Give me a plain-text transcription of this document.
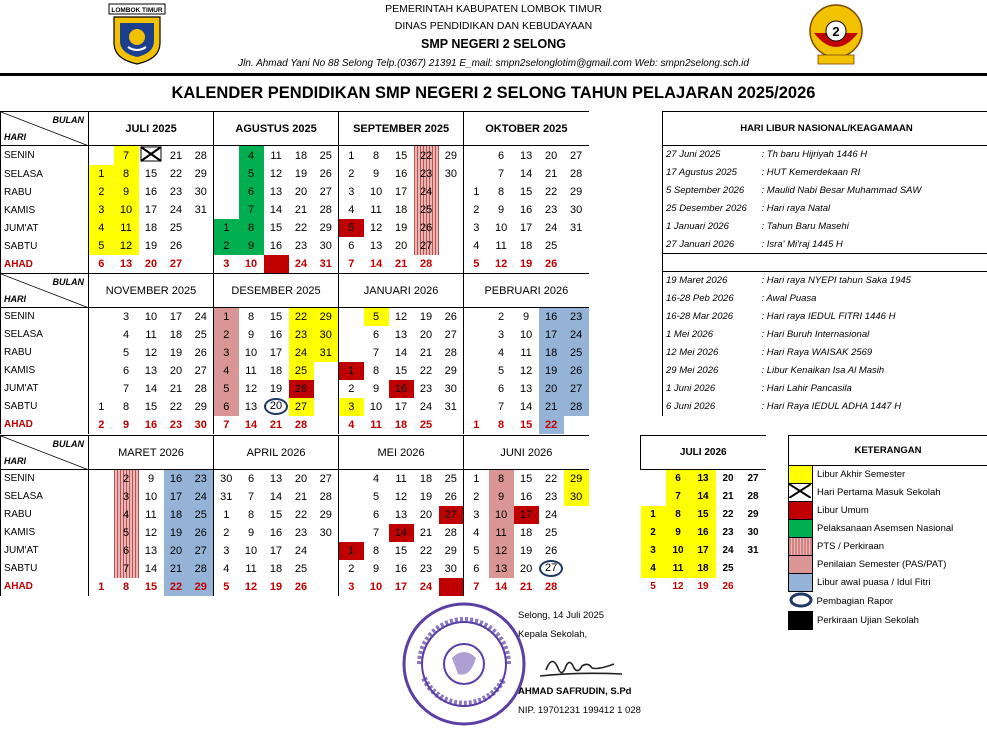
LOMBOK TIMUR	PEMERINTAH KABUPATEN LOMBOK TIMUR
DINAS PENDIDIKAN DAN KEBUDAYAAN
SMP NEGERI 2 SELONG
Jln. Ahmad Yani No 88 Selong Telp.(0367) 21391 E_mail: smpn2selonglotim@gmail.com Web: smpn2selong.sch.id
2
KALENDER PENDIDIKAN SMP NEGERI 2 SELONG TAHUN PELAJARAN 2025/2026
BULAN
HARI	JULI 2025					AGUSTUS 2025					SEPTEMBER 2025					OKTOBER 2025				
SENIN		7		21	28		4	11	18	25	1	8	15	22	29		6	13	20	27
SELASA	1	8	15	22	29		5	12	19	26	2	9	16	23	30		7	14	21	28
RABU	2	9	16	23	30		6	13	20	27	3	10	17	24		1	8	15	22	29
KAMIS	3	10	17	24	31		7	14	21	28	4	11	18	25		2	9	16	23	30
JUM'AT	4	11	18	25		1	8	15	22	29	5	12	19	26		3	10	17	24	31
SABTU	5	12	19	26		2	9	16	23	30	6	13	20	27		4	11	18	25	
AHAD	6	13	20	27		3	10	17	24	31	7	14	21	28		5	12	19	26	
BULAN
HARI	NOVEMBER 2025					DESEMBER 2025					JANUARI 2026					PEBRUARI 2026				
SENIN		3	10	17	24	1	8	15	22	29		5	12	19	26		2	9	16	23
SELASA		4	11	18	25	2	9	16	23	30		6	13	20	27		3	10	17	24
RABU		5	12	19	26	3	10	17	24	31		7	14	21	28		4	11	18	25
KAMIS		6	13	20	27	4	11	18	25		1	8	15	22	29		5	12	19	26
JUM'AT		7	14	21	28	5	12	19	26		2	9	16	23	30		6	13	20	27
SABTU	1	8	15	22	29	6	13	20	27		3	10	17	24	31		7	14	21	28
AHAD	2	9	16	23	30	7	14	21	28		4	11	18	25		1	8	15	22	
BULAN
HARI	MARET 2026					APRIL 2026					MEI 2026					JUNI 2026				
SENIN		2	9	16	23	30	6	13	20	27		4	11	18	25	1	8	15	22	29
SELASA		3	10	17	24	31	7	14	21	28		5	12	19	26	2	9	16	23	30
RABU		4	11	18	25	1	8	15	22	29		6	13	20	27	3	10	17	24	
KAMIS		5	12	19	26	2	9	16	23	30		7	14	21	28	4	11	18	25	
JUM'AT		6	13	20	27	3	10	17	24		1	8	15	22	29	5	12	19	26	
SABTU		7	14	21	28	4	11	18	25		2	9	16	23	30	6	13	20	27	
AHAD	1	8	15	22	29	5	12	19	26		3	10	17	24	31	7	14	21	28	
JULI 2026				
	6	13	20	27
	7	14	21	28
1	8	15	22	29
2	9	16	23	30
3	10	17	24	31
4	11	18	25	
5	12	19	26	
HARI LIBUR NASIONAL/KEAGAMAAN	
27 Juni 2025	: Th baru Hijriyah 1446 H
17 Agustus 2025	: HUT Kemerdekaan RI
5 September 2026	: Maulid Nabi Besar Muhammad SAW
25 Desember 2026	: Hari raya Natal
1 Januari 2026	: Tahun Baru Masehi
27 Januari 2026	: Isra' Mi'raj 1445 H

19 Maret 2026	: Hari raya NYEPI tahun Saka 1945
16-28 Peb 2026	: Awal Puasa
16-28 Mar 2026	: Hari raya IEDUL FITRI 1446 H
1 Mei 2026	: Hari Buruh Internasional
12 Mei 2026	: Hari Raya WAISAK 2569
29 Mei 2026	: Libur Kenaikan Isa Al Masih
1 Juni 2026	: Hari Lahir Pancasila
6 Juni 2026	: Hari Raya IEDUL ADHA 1447 H
KETERANGAN	
	Libur Akhir Semester
	Hari Pertama Masuk Sekolah
	Libur Umum
	Pelaksanaan Asemsen Nasional
	PTS / Perkiraan
	Penilaian Semester (PAS/PAT)
	Libur awal puasa / Idul Fitri
	Pembagian Rapor
	Perkiraan Ujian Sekolah
Selong, 14 Juli 2025
Kepala Sekolah,
AHMAD SAFRUDIN, S.Pd
NIP. 19701231 199412 1 028
